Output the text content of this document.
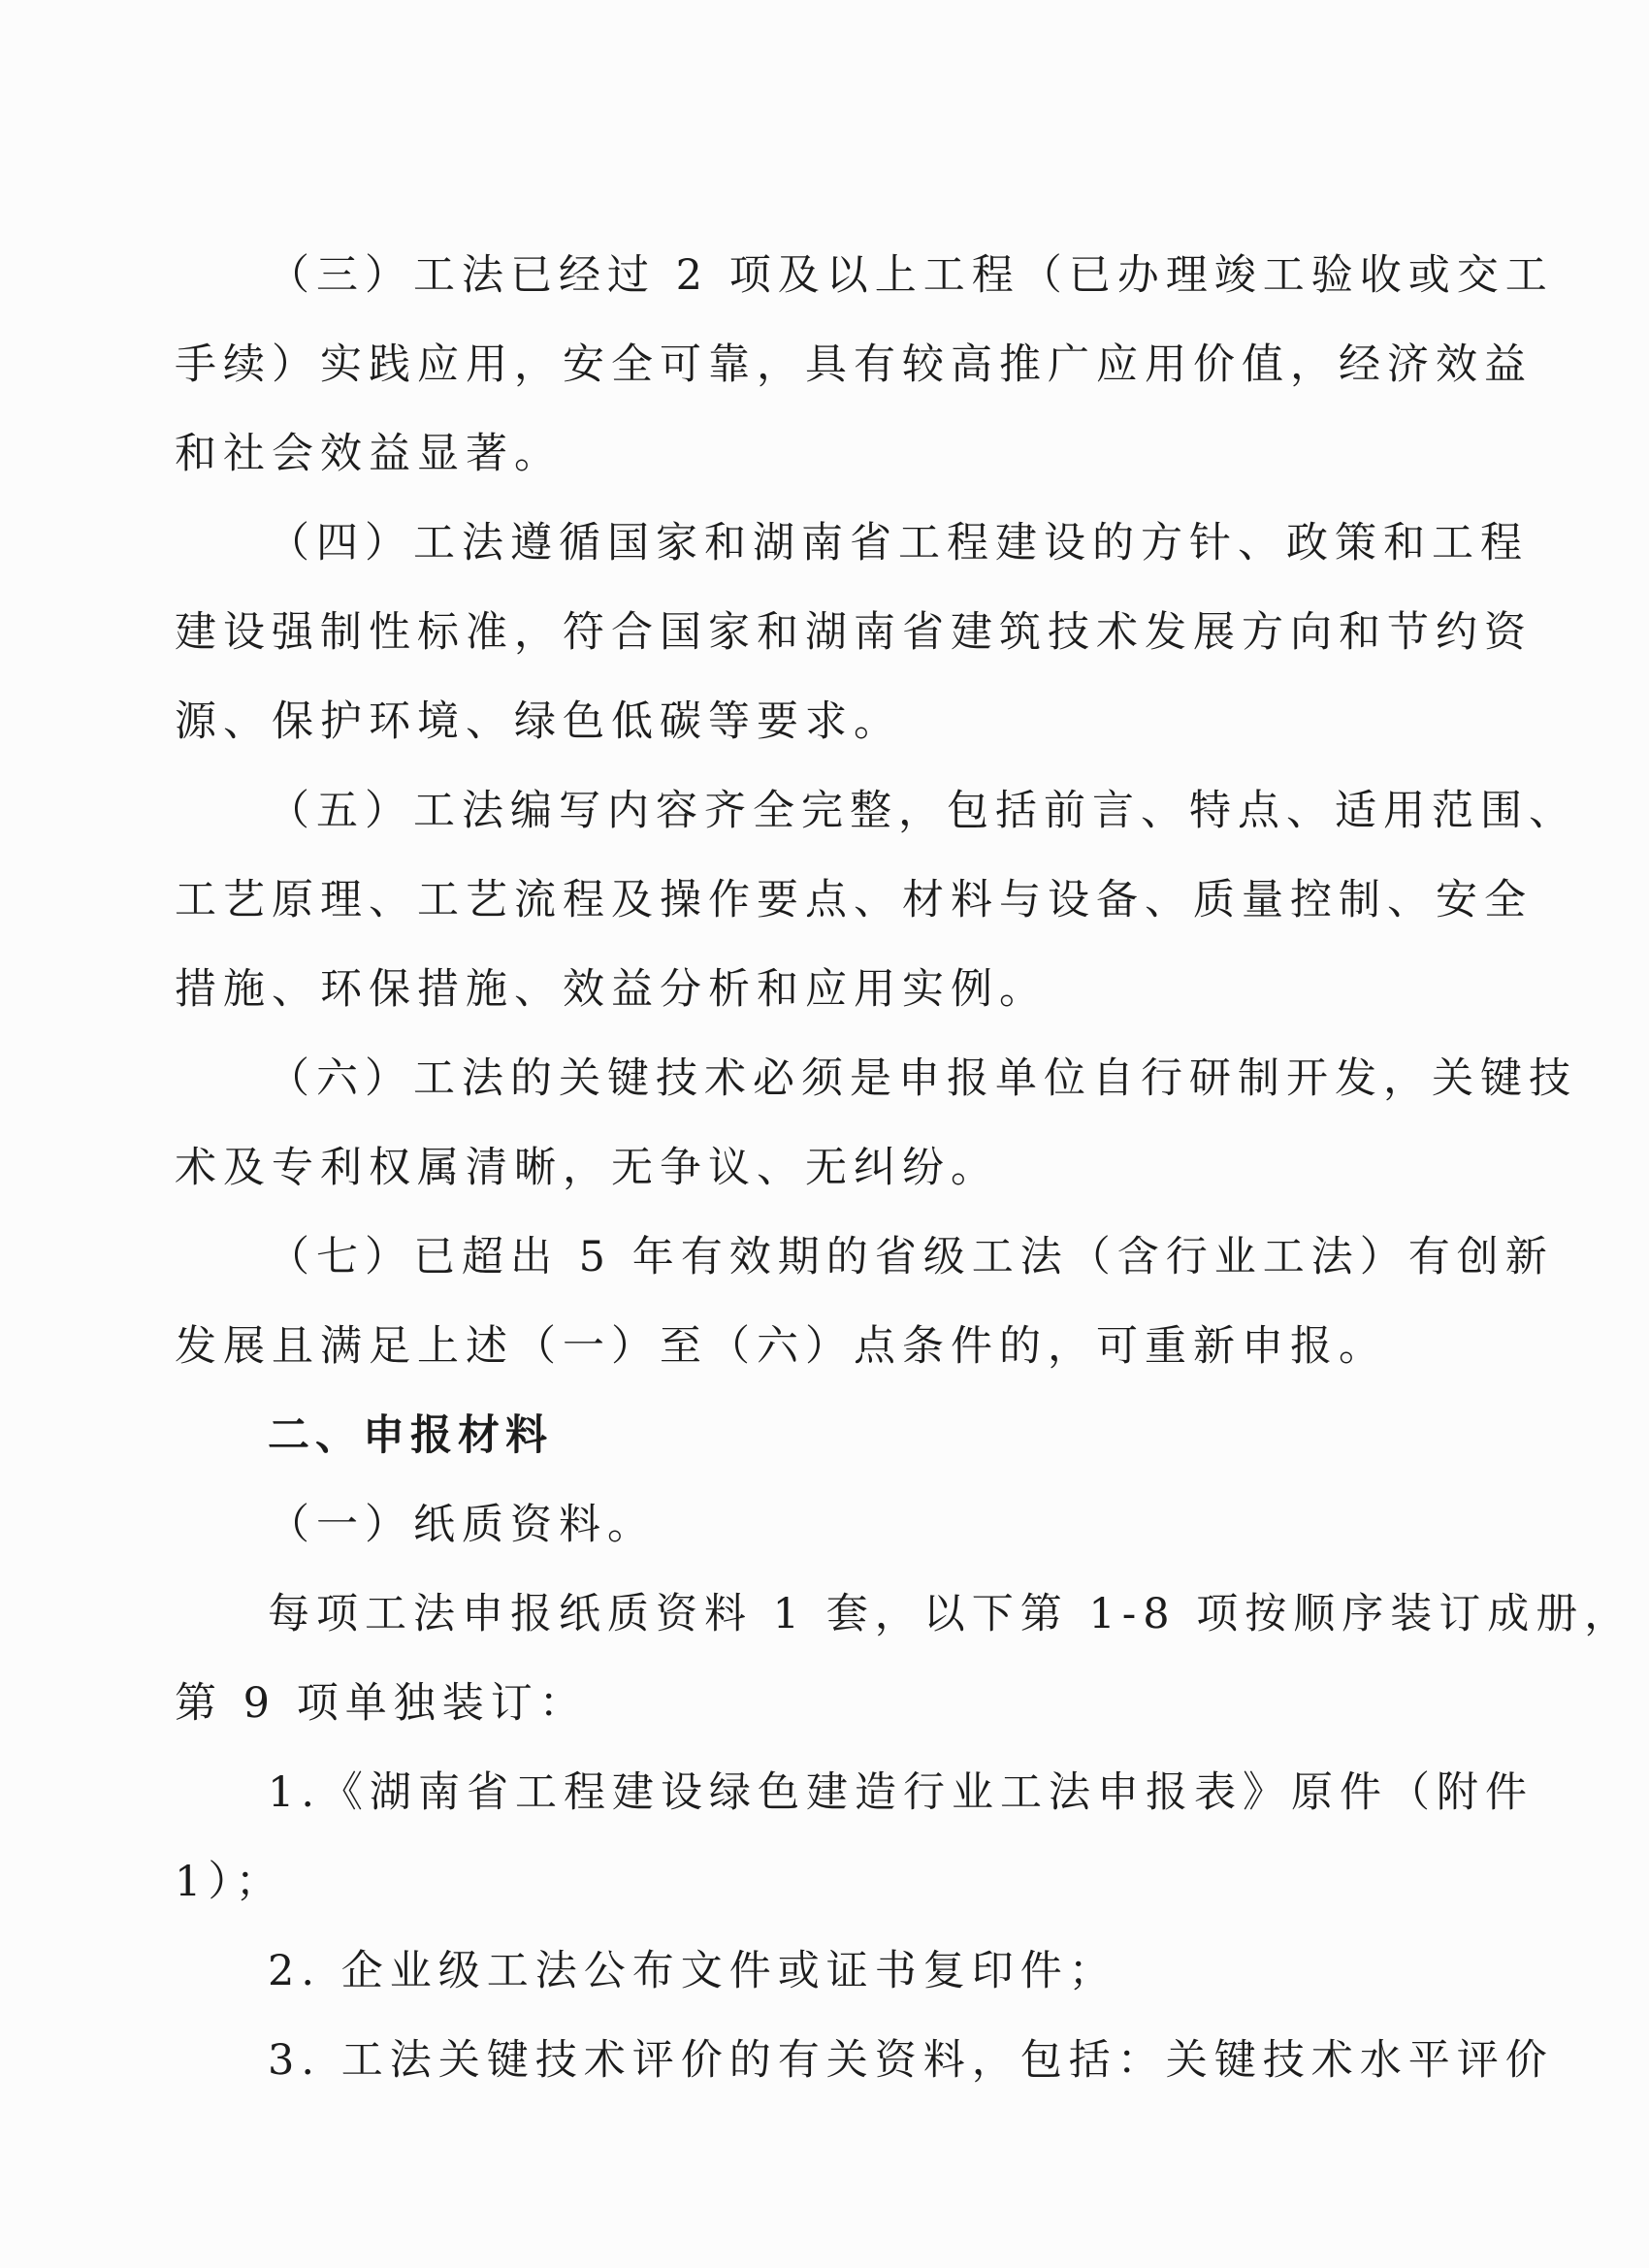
（三）工法已经过 2 项及以上工程（已办理竣工验收或交工
手续）实践应用，安全可靠，具有较高推广应用价值，经济效益
和社会效益显著。
（四）工法遵循国家和湖南省工程建设的方针、政策和工程
建设强制性标准，符合国家和湖南省建筑技术发展方向和节约资
源、保护环境、绿色低碳等要求。
（五）工法编写内容齐全完整，包括前言、特点、适用范围、
工艺原理、工艺流程及操作要点、材料与设备、质量控制、安全
措施、环保措施、效益分析和应用实例。
（六）工法的关键技术必须是申报单位自行研制开发，关键技
术及专利权属清晰，无争议、无纠纷。
（七）已超出 5 年有效期的省级工法（含行业工法）有创新
发展且满足上述（一）至（六）点条件的，可重新申报。
二、申报材料
（一）纸质资料。
每项工法申报纸质资料 1 套，以下第 1-8 项按顺序装订成册，
第 9 项单独装订：
1.《湖南省工程建设绿色建造行业工法申报表》原件（附件
1）；
2. 企业级工法公布文件或证书复印件；
3. 工法关键技术评价的有关资料，包括：关键技术水平评价
